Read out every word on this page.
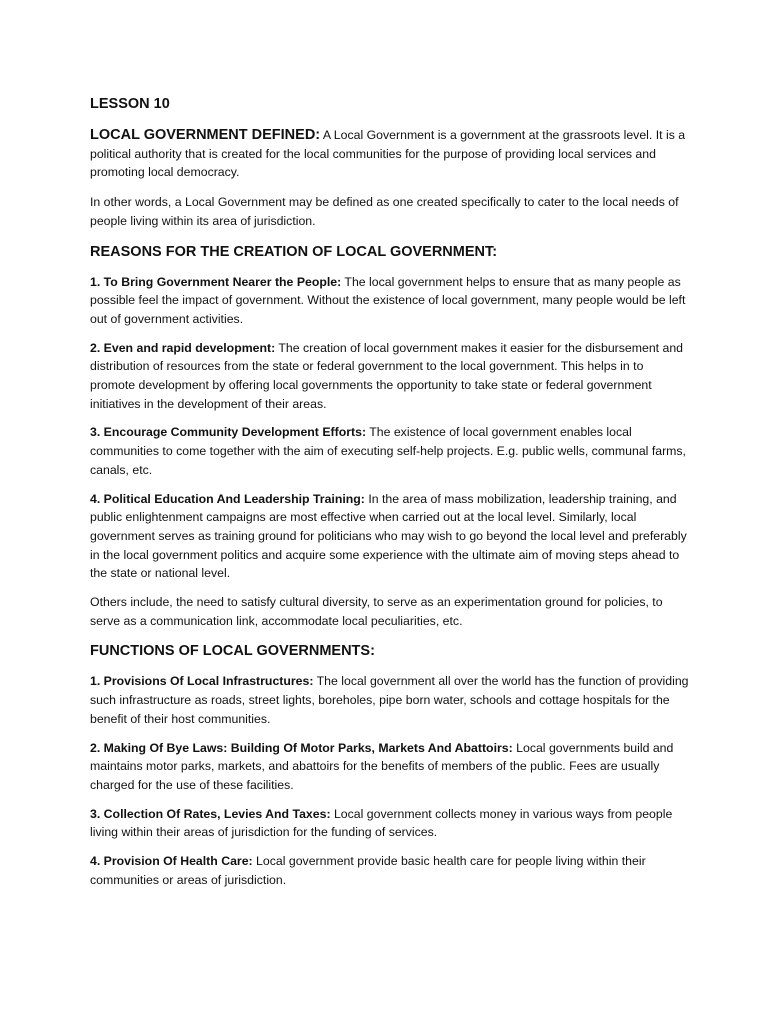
LESSON 10

LOCAL GOVERNMENT DEFINED: A Local Government is a government at the grassroots level. It is a political authority that is created for the local communities for the purpose of providing local services and promoting local democracy.

In other words, a Local Government may be defined as one created specifically to cater to the local needs of people living within its area of jurisdiction.

REASONS FOR THE CREATION OF LOCAL GOVERNMENT:

1. To Bring Government Nearer the People: The local government helps to ensure that as many people as possible feel the impact of government. Without the existence of local government, many people would be left out of government activities.

2. Even and rapid development: The creation of local government makes it easier for the disbursement and distribution of resources from the state or federal government to the local government. This helps in to promote development by offering local governments the opportunity to take state or federal government initiatives in the development of their areas.

3. Encourage Community Development Efforts: The existence of local government enables local communities to come together with the aim of executing self-help projects. E.g. public wells, communal farms, canals, etc.

4. Political Education And Leadership Training: In the area of mass mobilization, leadership training, and public enlightenment campaigns are most effective when carried out at the local level. Similarly, local government serves as training ground for politicians who may wish to go beyond the local level and preferably in the local government politics and acquire some experience with the ultimate aim of moving steps ahead to the state or national level.

Others include, the need to satisfy cultural diversity, to serve as an experimentation ground for policies, to serve as a communication link, accommodate local peculiarities, etc.

FUNCTIONS OF LOCAL GOVERNMENTS:

1. Provisions Of Local Infrastructures: The local government all over the world has the function of providing such infrastructure as roads, street lights, boreholes, pipe born water, schools and cottage hospitals for the benefit of their host communities.

2. Making Of Bye Laws: Building Of Motor Parks, Markets And Abattoirs: Local governments build and maintains motor parks, markets, and abattoirs for the benefits of members of the public. Fees are usually charged for the use of these facilities.

3. Collection Of Rates, Levies And Taxes: Local government collects money in various ways from people living within their areas of jurisdiction for the funding of services.

4. Provision Of Health Care: Local government provide basic health care for people living within their communities or areas of jurisdiction.
